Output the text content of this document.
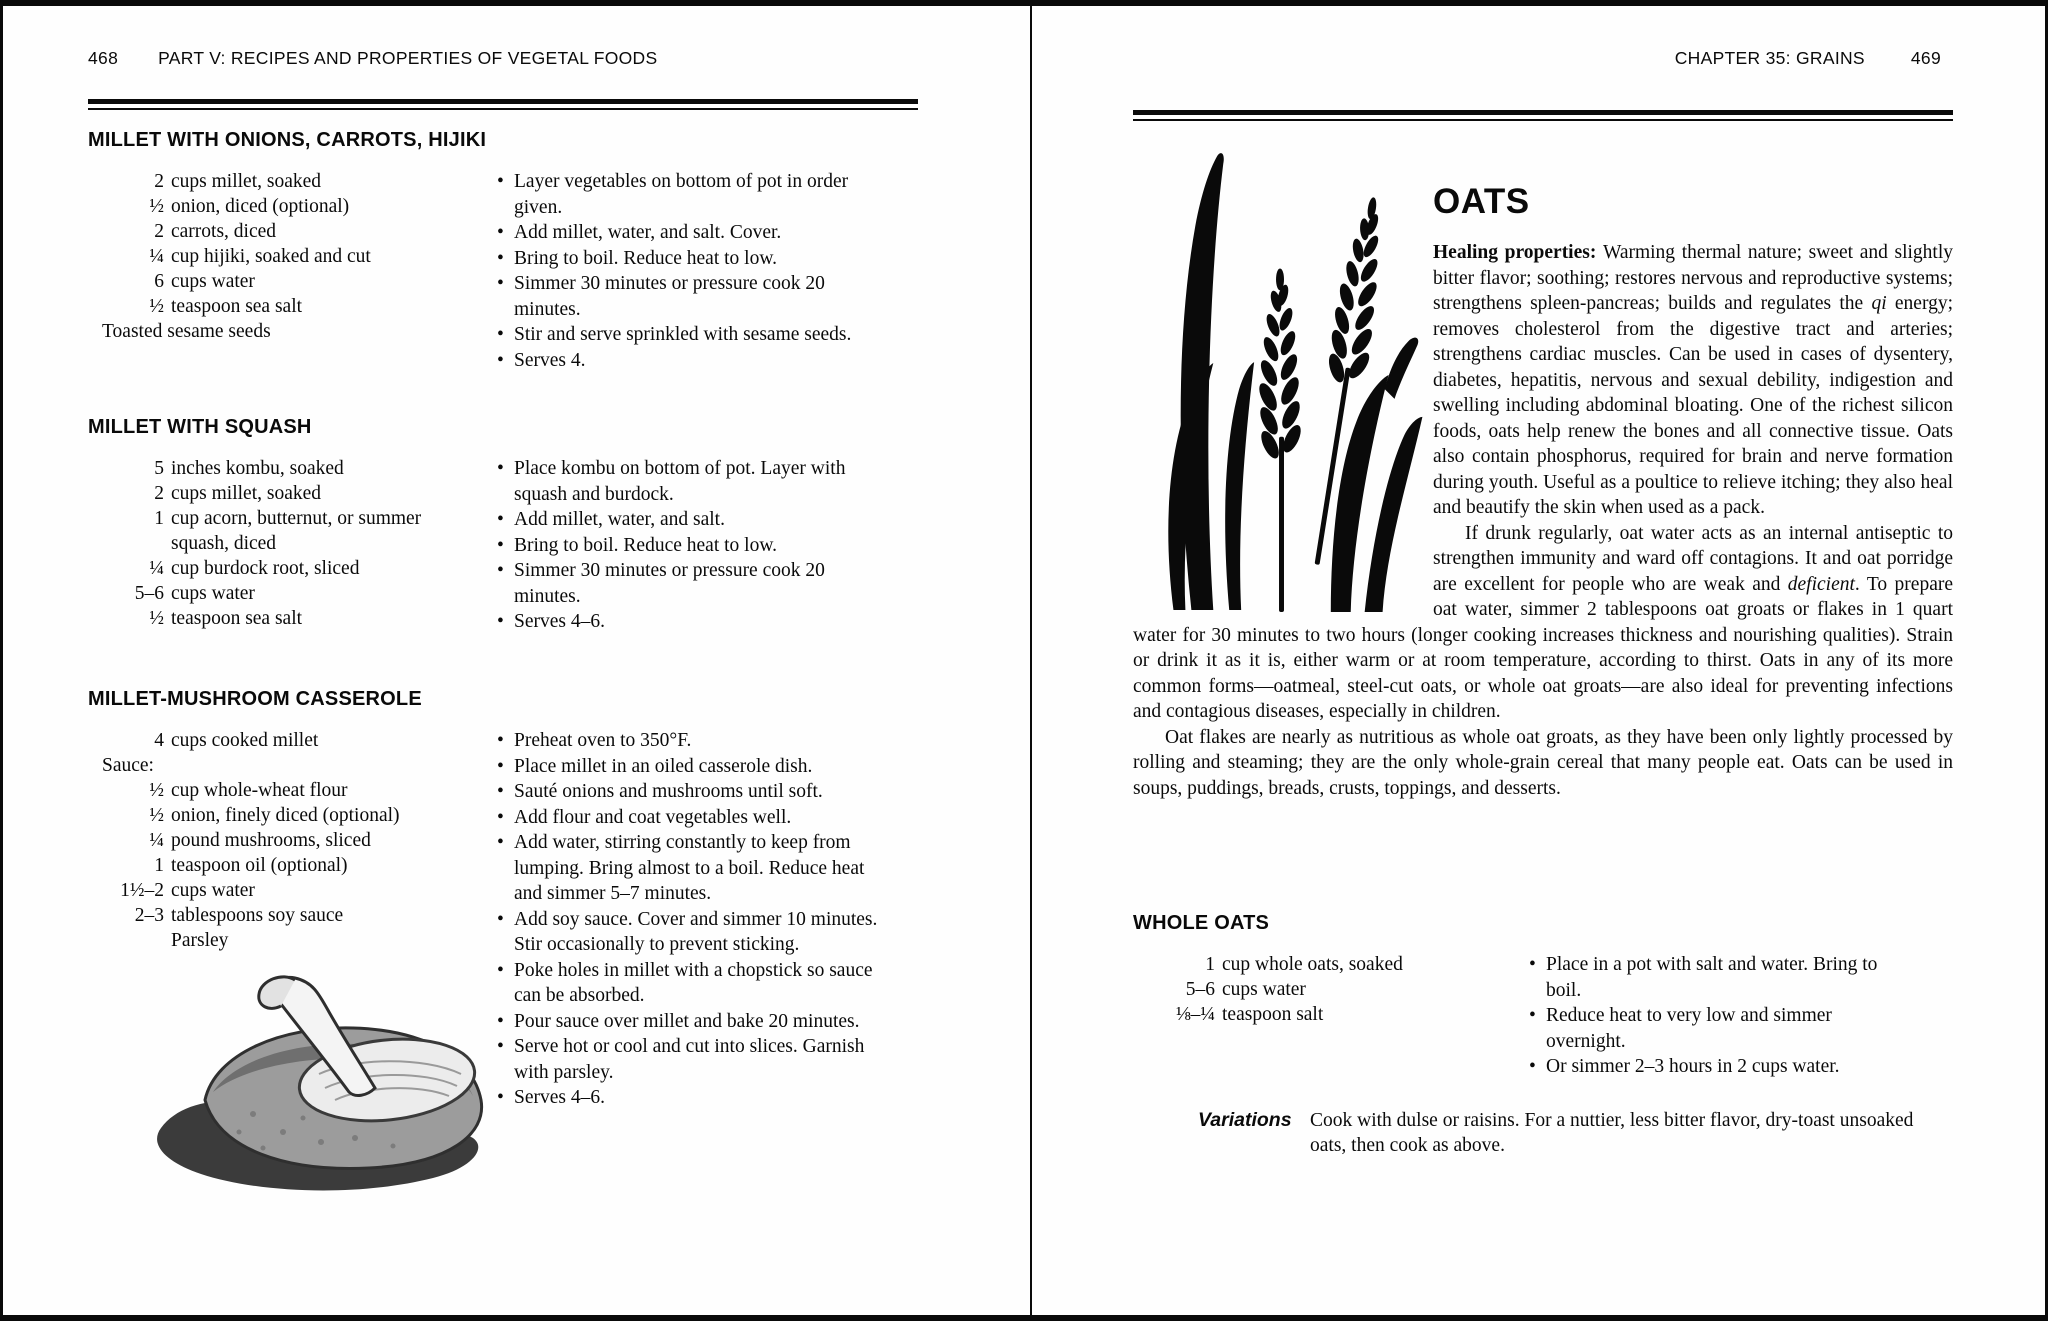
468 PART V: RECIPES AND PROPERTIES OF VEGETAL FOODS
MILLET WITH ONIONS, CARROTS, HIJIKI
2 cups millet, soaked
½ onion, diced (optional)
2 carrots, diced
¼ cup hijiki, soaked and cut
6 cups water
½ teaspoon sea salt
Toasted sesame seeds
• Layer vegetables on bottom of pot in order given.
• Add millet, water, and salt. Cover.
• Bring to boil. Reduce heat to low.
• Simmer 30 minutes or pressure cook 20 minutes.
• Stir and serve sprinkled with sesame seeds.
• Serves 4.
MILLET WITH SQUASH
5 inches kombu, soaked
2 cups millet, soaked
1 cup acorn, butternut, or summer squash, diced
¼ cup burdock root, sliced
5–6 cups water
½ teaspoon sea salt
• Place kombu on bottom of pot. Layer with squash and burdock.
• Add millet, water, and salt.
• Bring to boil. Reduce heat to low.
• Simmer 30 minutes or pressure cook 20 minutes.
• Serves 4–6.
MILLET-MUSHROOM CASSEROLE
4 cups cooked millet
Sauce:
½ cup whole-wheat flour
½ onion, finely diced (optional)
¼ pound mushrooms, sliced
1 teaspoon oil (optional)
1½–2 cups water
2–3 tablespoons soy sauce
Parsley
• Preheat oven to 350°F.
• Place millet in an oiled casserole dish.
• Sauté onions and mushrooms until soft.
• Add flour and coat vegetables well.
• Add water, stirring constantly to keep from lumping. Bring almost to a boil. Reduce heat and simmer 5–7 minutes.
• Add soy sauce. Cover and simmer 10 minutes. Stir occasionally to prevent sticking.
• Poke holes in millet with a chopstick so sauce can be absorbed.
• Pour sauce over millet and bake 20 minutes.
• Serve hot or cool and cut into slices. Garnish with parsley.
• Serves 4–6.
CHAPTER 35: GRAINS	469
OATS

Healing properties: Warming thermal nature; sweet and slightly bitter flavor; soothing; restores nervous and reproductive systems; strengthens spleen-pancreas; builds and regulates the qi energy; removes cholesterol from the digestive tract and arteries; strengthens cardiac muscles. Can be used in cases of dysentery, diabetes, hepatitis, nervous and sexual debility, indigestion and swelling including abdominal bloating. One of the richest silicon foods, oats help renew the bones and all connective tissue. Oats also contain phosphorus, required for brain and nerve formation during youth. Useful as a poultice to relieve itching; they also heal and beautify the skin when used as a pack.

If drunk regularly, oat water acts as an internal antiseptic to strengthen immunity and ward off contagions. It and oat porridge are excellent for people who are weak and deficient. To prepare oat water, simmer 2 tablespoons oat groats or flakes in 1 quart water for 30 minutes to two hours (longer cooking increases thickness and nourishing qualities). Strain or drink it as it is, either warm or at room temperature, according to thirst. Oats in any of its more common forms—oatmeal, steel-cut oats, or whole oat groats—are also ideal for preventing infections and contagious diseases, especially in children.

Oat flakes are nearly as nutritious as whole oat groats, as they have been only lightly processed by rolling and steaming; they are the only whole-grain cereal that many people eat. Oats can be used in soups, puddings, breads, crusts, toppings, and desserts.

WHOLE OATS
1 cup whole oats, soaked
5–6 cups water
⅛–¼ teaspoon salt
• Place in a pot with salt and water. Bring to boil.
• Reduce heat to very low and simmer overnight.
• Or simmer 2–3 hours in 2 cups water.
Variations Cook with dulse or raisins. For a nuttier, less bitter flavor, dry-toast unsoaked oats, then cook as above.
